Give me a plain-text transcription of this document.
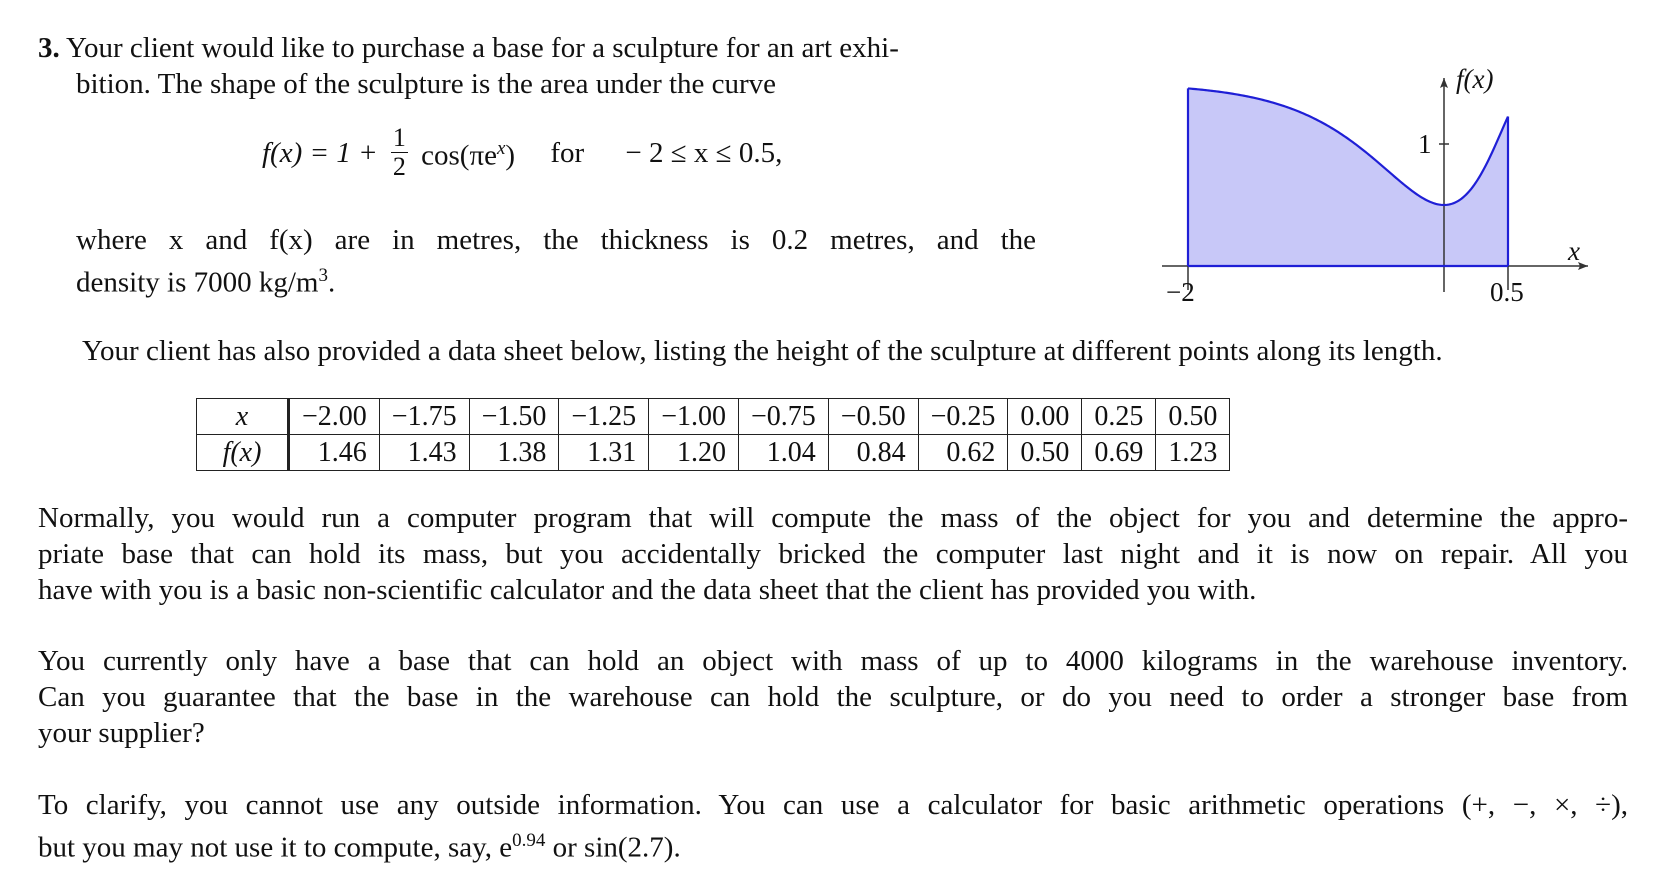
3. Your client would like to purchase a base for a sculpture for an art exhi-
bition. The shape of the sculpture is the area under the curve
$f(x) = 1 + \frac{1}{2} \cos(\pi e^x)$ for − 2 ≤ x ≤ 0.5,
where x and f(x) are in metres, the thickness is 0.2 metres, and the
density is 7000 $kg/m^3$.
f(x)
x
1
−2	0.5
Your client has also provided a data sheet below, listing the height of the sculpture at different points along its length.
x	−2.00	−1.75	−1.50	−1.25	−1.00	−0.75	−0.50	−0.25	0.00	0.25	0.50
f(x)	1.46	1.43	1.38	1.31	1.20	1.04	0.84	0.62	0.50	0.69	1.23
Normally, you would run a computer program that will compute the mass of the object for you and determine the appro-
priate base that can hold its mass, but you accidentally bricked the computer last night and it is now on repair. All you
have with you is a basic non-scientific calculator and the data sheet that the client has provided you with.
You currently only have a base that can hold an object with mass of up to 4000 kilograms in the warehouse inventory.
Can you guarantee that the base in the warehouse can hold the sculpture, or do you need to order a stronger base from
your supplier?
To clarify, you cannot use any outside information. You can use a calculator for basic arithmetic operations (+, −, ×, ÷),
but you may not use it to compute, say, $e^{0.94}$ or sin(2.7).
